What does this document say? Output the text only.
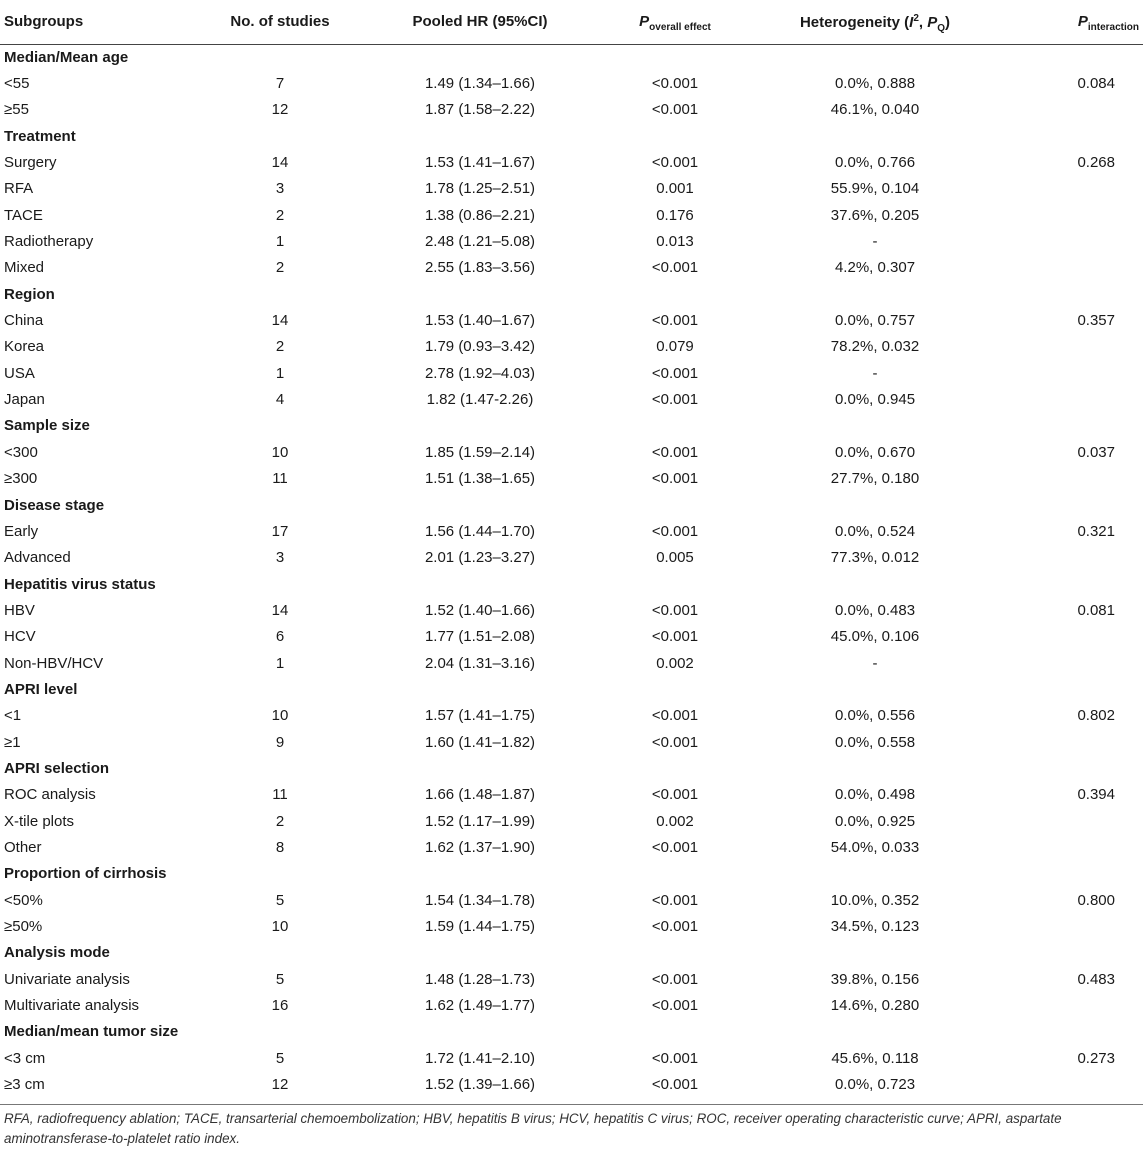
Subgroups	No. of studies	Pooled HR (95%CI)	$P_{overall effect}$	Heterogeneity ($I^2$, $P_Q$)	$P_{interaction}$
Median/Mean age					
<55	7	1.49 (1.34–1.66)	<0.001	0.0%, 0.888	0.084
≥55	12	1.87 (1.58–2.22)	<0.001	46.1%, 0.040	
Treatment					
Surgery	14	1.53 (1.41–1.67)	<0.001	0.0%, 0.766	0.268
RFA	3	1.78 (1.25–2.51)	0.001	55.9%, 0.104	
TACE	2	1.38 (0.86–2.21)	0.176	37.6%, 0.205	
Radiotherapy	1	2.48 (1.21–5.08)	0.013	-	
Mixed	2	2.55 (1.83–3.56)	<0.001	4.2%, 0.307	
Region					
China	14	1.53 (1.40–1.67)	<0.001	0.0%, 0.757	0.357
Korea	2	1.79 (0.93–3.42)	0.079	78.2%, 0.032	
USA	1	2.78 (1.92–4.03)	<0.001	-	
Japan	4	1.82 (1.47-2.26)	<0.001	0.0%, 0.945	
Sample size					
<300	10	1.85 (1.59–2.14)	<0.001	0.0%, 0.670	0.037
≥300	11	1.51 (1.38–1.65)	<0.001	27.7%, 0.180	
Disease stage					
Early	17	1.56 (1.44–1.70)	<0.001	0.0%, 0.524	0.321
Advanced	3	2.01 (1.23–3.27)	0.005	77.3%, 0.012	
Hepatitis virus status					
HBV	14	1.52 (1.40–1.66)	<0.001	0.0%, 0.483	0.081
HCV	6	1.77 (1.51–2.08)	<0.001	45.0%, 0.106	
Non-HBV/HCV	1	2.04 (1.31–3.16)	0.002	-	
APRI level					
<1	10	1.57 (1.41–1.75)	<0.001	0.0%, 0.556	0.802
≥1	9	1.60 (1.41–1.82)	<0.001	0.0%, 0.558	
APRI selection					
ROC analysis	11	1.66 (1.48–1.87)	<0.001	0.0%, 0.498	0.394
X-tile plots	2	1.52 (1.17–1.99)	0.002	0.0%, 0.925	
Other	8	1.62 (1.37–1.90)	<0.001	54.0%, 0.033	
Proportion of cirrhosis					
<50%	5	1.54 (1.34–1.78)	<0.001	10.0%, 0.352	0.800
≥50%	10	1.59 (1.44–1.75)	<0.001	34.5%, 0.123	
Analysis mode					
Univariate analysis	5	1.48 (1.28–1.73)	<0.001	39.8%, 0.156	0.483
Multivariate analysis	16	1.62 (1.49–1.77)	<0.001	14.6%, 0.280	
Median/mean tumor size					
<3 cm	5	1.72 (1.41–2.10)	<0.001	45.6%, 0.118	0.273
≥3 cm	12	1.52 (1.39–1.66)	<0.001	0.0%, 0.723	
RFA, radiofrequency ablation; TACE, transarterial chemoembolization; HBV, hepatitis B virus; HCV, hepatitis C virus; ROC, receiver operating characteristic curve; APRI, aspartate aminotransferase-to-platelet ratio index.
